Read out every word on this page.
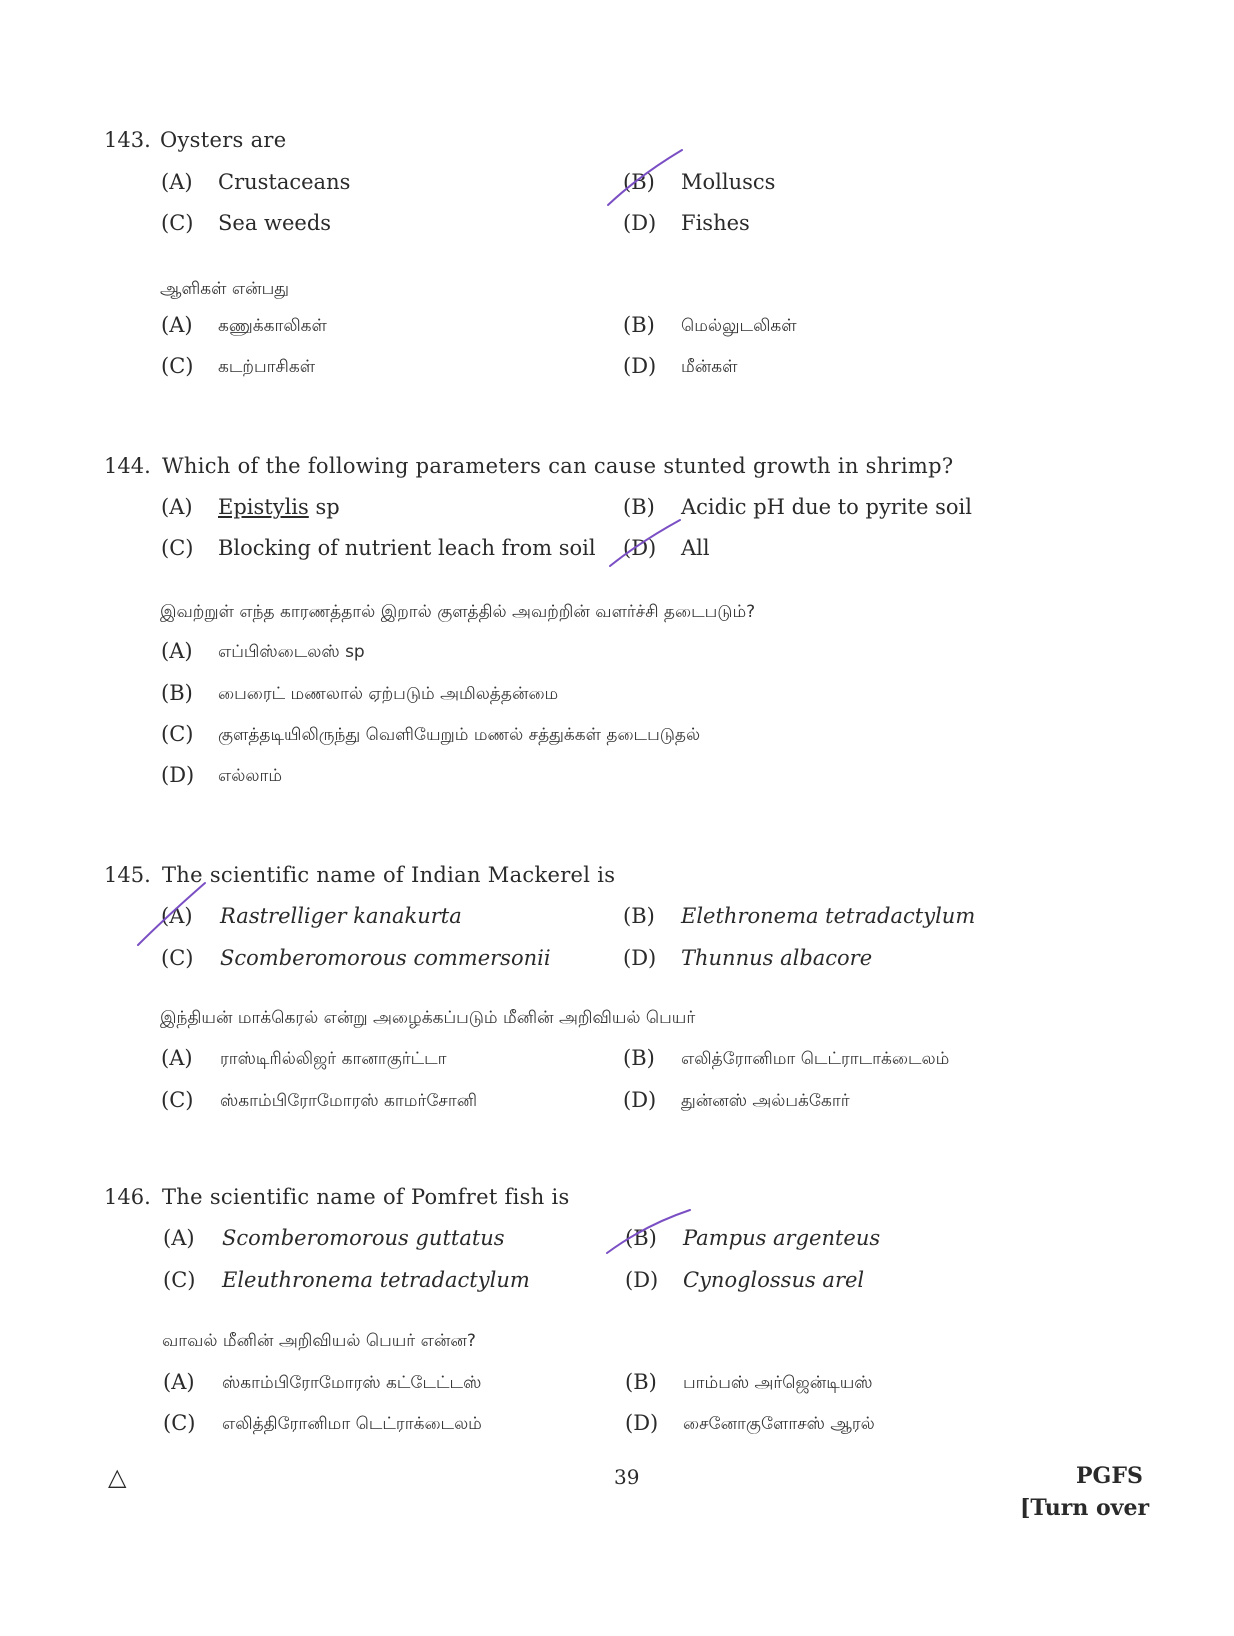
143. Oysters are
(A) Crustaceans	(B) Molluscs
(C) Sea weeds	(D) Fishes
ஆளிகள் என்பது
(A) கணுக்காலிகள்	(B) மெல்லுடலிகள்
(C) கடற்பாசிகள்	(D) மீன்கள்
144. Which of the following parameters can cause stunted growth in shrimp?
(A) Epistylis sp	(B) Acidic pH due to pyrite soil
(C) Blocking of nutrient leach from soil (D) All
இவற்றுள் எந்த காரணத்தால் இறால் குளத்தில் அவற்றின் வளர்ச்சி தடைபடும்?
(A) எப்பிஸ்டைலஸ் sp
(B) பைரைட் மணலால் ஏற்படும் அமிலத்தன்மை
(C) குளத்தடியிலிருந்து வெளியேறும் மணல் சத்துக்கள் தடைபடுதல்
(D) எல்லாம்
145. The scientific name of Indian Mackerel is
(A) Rastrelliger kanakurta	(B) Elethronema tetradactylum
(C) Scomberomorous commersonii	(D) Thunnus albacore
இந்தியன் மாக்கெரல் என்று அழைக்கப்படும் மீனின் அறிவியல் பெயர்
(A) ராஸ்டிரில்லிஜர் கானாகுர்ட்டா	(B) எலித்ரோனிமா டெட்ராடாக்டைலம்
(C) ஸ்காம்பிரோமோரஸ் காமர்சோனி	(D) துன்னஸ் அல்பக்கோர்
146. The scientific name of Pomfret fish is
(A) Scomberomorous guttatus	(B) Pampus argenteus
(C) Eleuthronema tetradactylum	(D) Cynoglossus arel
வாவல் மீனின் அறிவியல் பெயர் என்ன?
(A) ஸ்காம்பிரோமோரஸ் கட்டேட்டஸ்	(B) பாம்பஸ் அர்ஜென்டியஸ்
(C) எலித்திரோனிமா டெட்ராக்டைலம்	(D) சைனோகுளோசஸ் ஆரல்
△	39	PGFS
[Turn over
